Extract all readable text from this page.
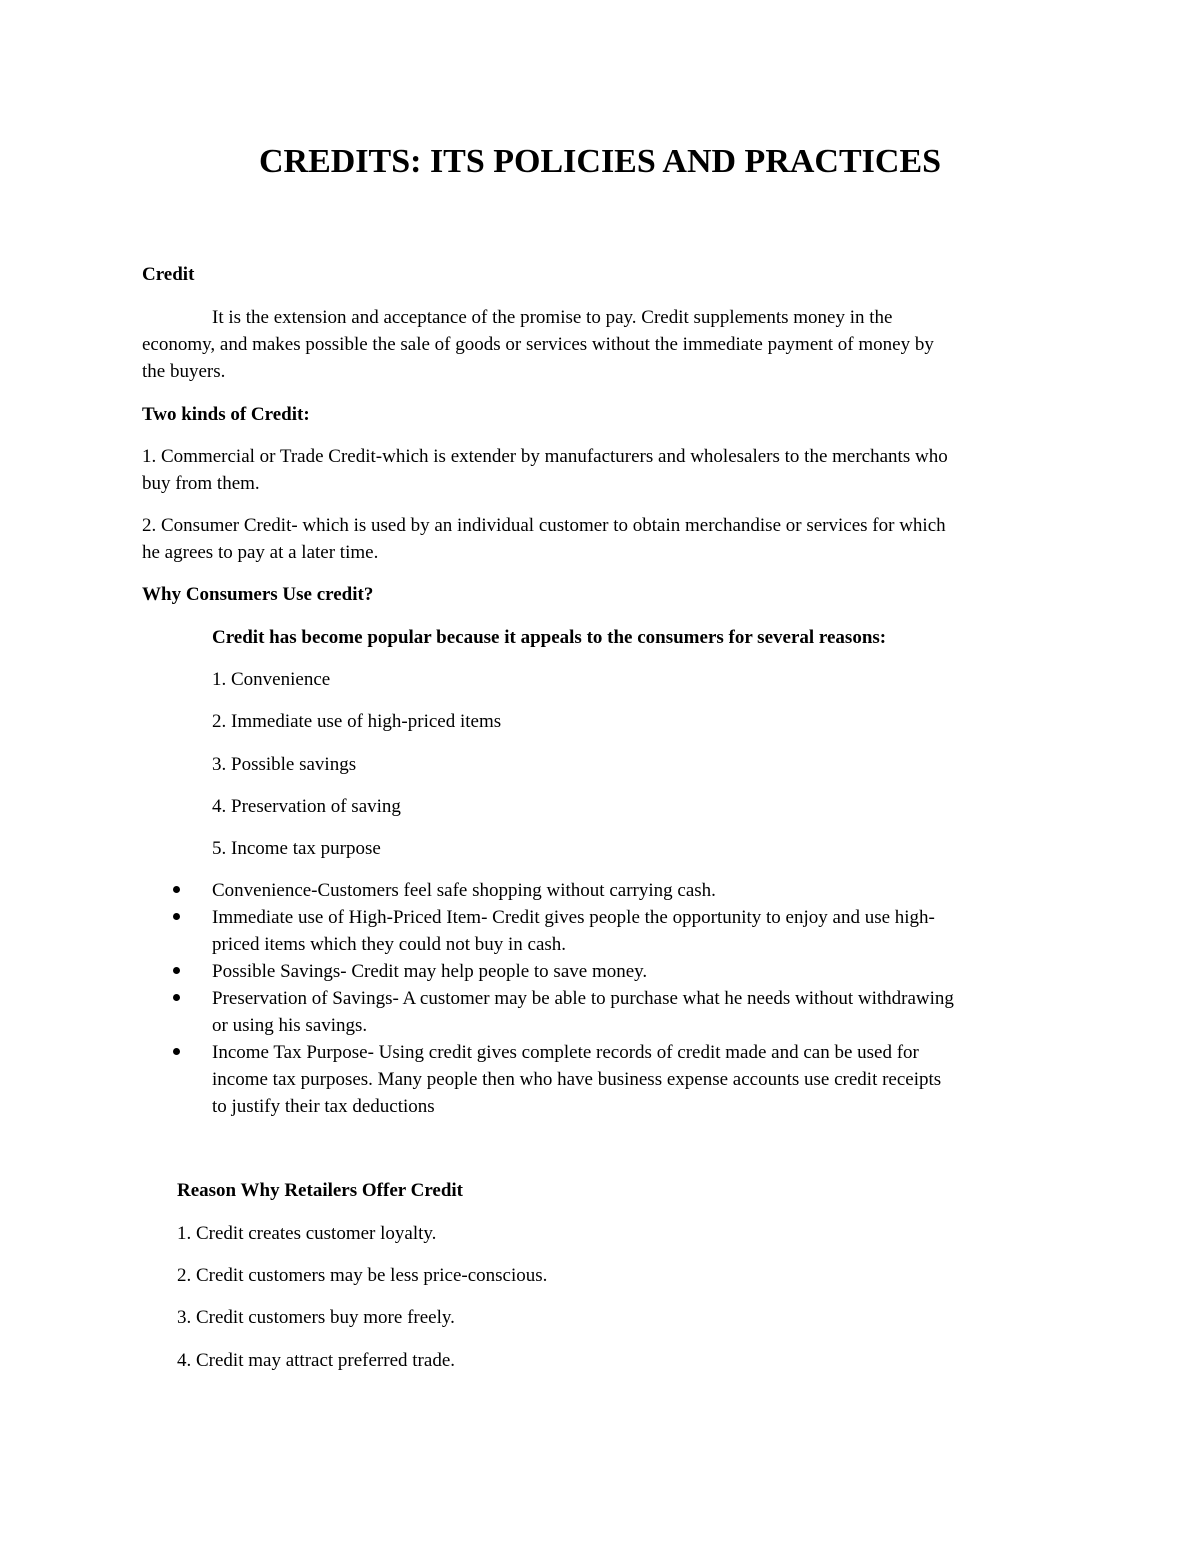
CREDITS: ITS POLICIES AND PRACTICES

Credit

It is the extension and acceptance of the promise to pay. Credit supplements money in the

economy, and makes possible the sale of goods or services without the immediate payment of money by

the buyers.

Two kinds of Credit:

1. Commercial or Trade Credit-which is extender by manufacturers and wholesalers to the merchants who

buy from them.

2. Consumer Credit- which is used by an individual customer to obtain merchandise or services for which

he agrees to pay at a later time.

Why Consumers Use credit?

Credit has become popular because it appeals to the consumers for several reasons:

1. Convenience

2. Immediate use of high-priced items

3. Possible savings

4. Preservation of saving

5. Income tax purpose

Convenience-Customers feel safe shopping without carrying cash.

Immediate use of High-Priced Item- Credit gives people the opportunity to enjoy and use high-

priced items which they could not buy in cash.

Possible Savings- Credit may help people to save money.

Preservation of Savings- A customer may be able to purchase what he needs without withdrawing

or using his savings.

Income Tax Purpose- Using credit gives complete records of credit made and can be used for

income tax purposes. Many people then who have business expense accounts use credit receipts

to justify their tax deductions

Reason Why Retailers Offer Credit

1. Credit creates customer loyalty.

2. Credit customers may be less price-conscious.

3. Credit customers buy more freely.

4. Credit may attract preferred trade.
